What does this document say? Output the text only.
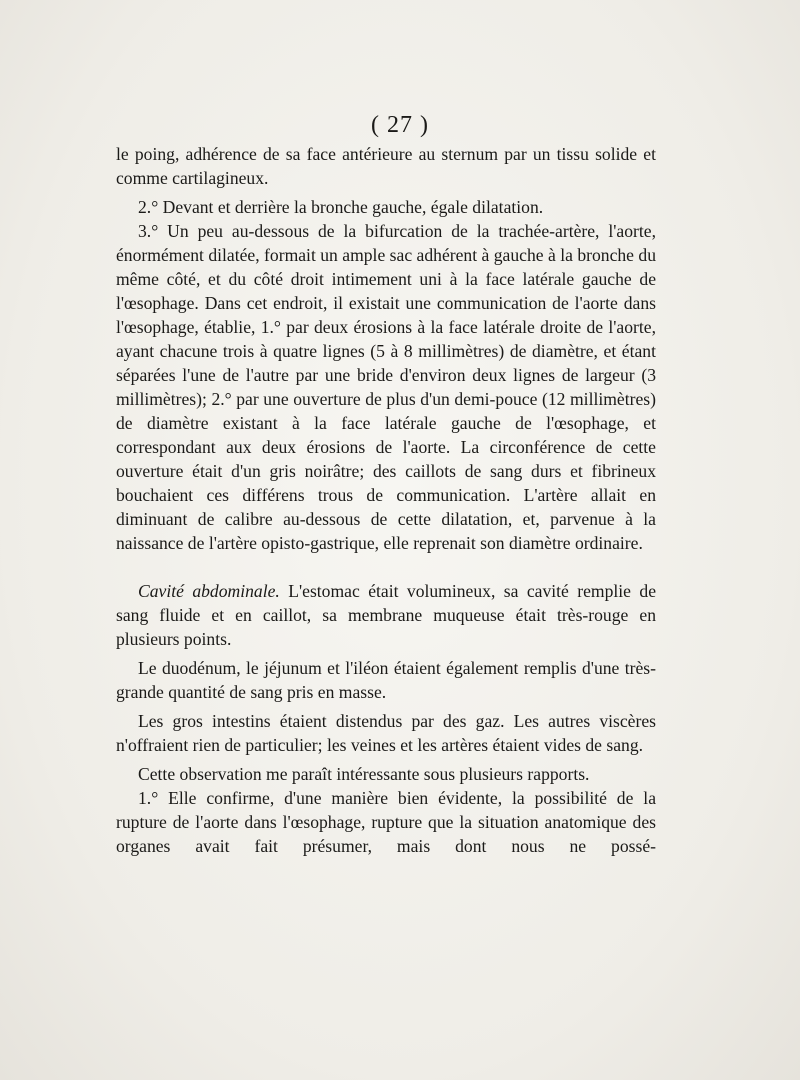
( 27 )

le poing, adhérence de sa face antérieure au sternum par un tissu solide et comme cartilagineux.

2.° Devant et derrière la bronche gauche, égale dilatation.

3.° Un peu au-dessous de la bifurcation de la trachée-artère, l'aorte, énormément dilatée, formait un ample sac adhérent à gauche à la bronche du même côté, et du côté droit intimement uni à la face latérale gauche de l'œsophage. Dans cet endroit, il existait une communication de l'aorte dans l'œsophage, établie, 1.° par deux érosions à la face latérale droite de l'aorte, ayant chacune trois à quatre lignes (5 à 8 millimètres) de diamètre, et étant séparées l'une de l'autre par une bride d'environ deux lignes de largeur (3 millimètres); 2.° par une ouverture de plus d'un demi-pouce (12 millimètres) de diamètre existant à la face latérale gauche de l'œsophage, et correspondant aux deux érosions de l'aorte. La circonférence de cette ouverture était d'un gris noirâtre; des caillots de sang durs et fibrineux bouchaient ces différens trous de communication. L'artère allait en diminuant de calibre au-dessous de cette dilatation, et, parvenue à la naissance de l'artère opisto-gastrique, elle reprenait son diamètre ordinaire.

Cavité abdominale. L'estomac était volumineux, sa cavité remplie de sang fluide et en caillot, sa membrane muqueuse était très-rouge en plusieurs points.

Le duodénum, le jéjunum et l'iléon étaient également remplis d'une très-grande quantité de sang pris en masse.

Les gros intestins étaient distendus par des gaz. Les autres viscères n'offraient rien de particulier; les veines et les artères étaient vides de sang.

Cette observation me paraît intéressante sous plusieurs rapports.

1.° Elle confirme, d'une manière bien évidente, la possibilité de la rupture de l'aorte dans l'œsophage, rupture que la situation anatomique des organes avait fait présumer, mais dont nous ne possé-
